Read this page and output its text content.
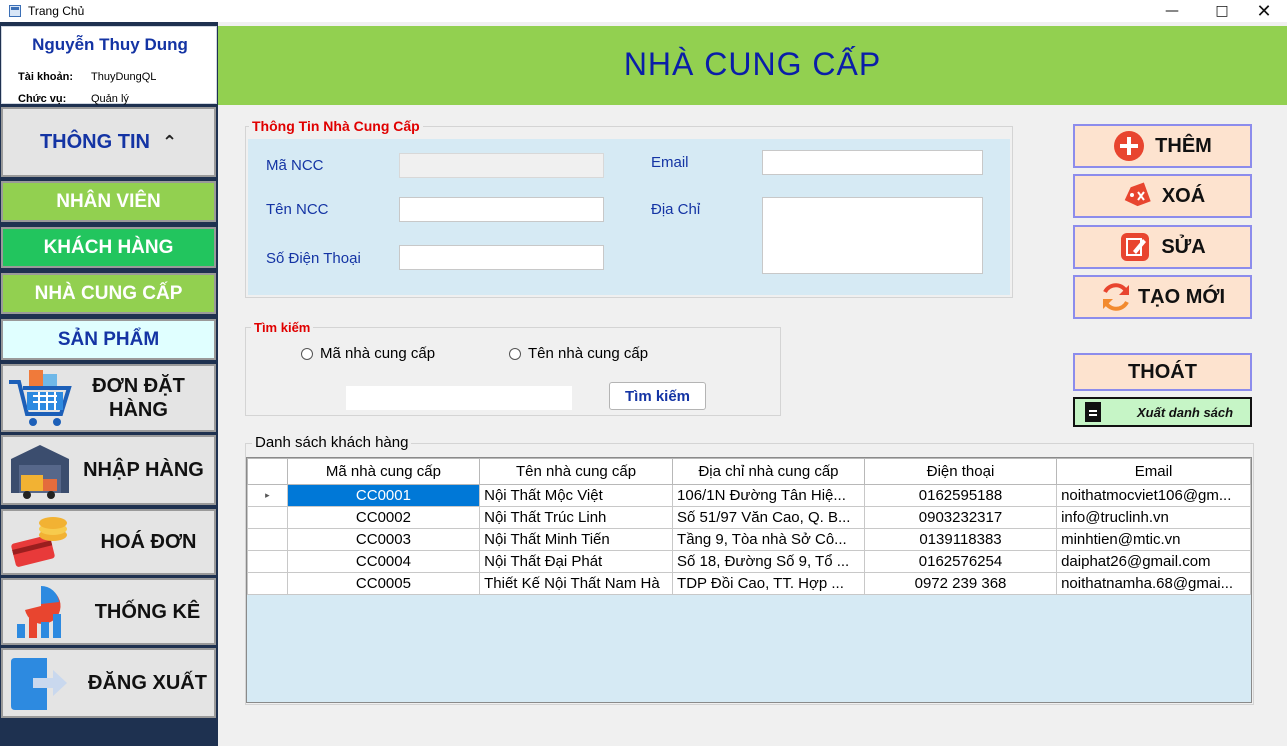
Trang Chủ	—	□	✕
Nguyễn Thuy Dung
Tài khoản: ThuyDungQL
Chức vụ: Quản lý
THÔNG TIN ⌃
NHÂN VIÊN
KHÁCH HÀNG
NHÀ CUNG CẤP
SẢN PHẨM
ĐƠN ĐẶT HÀNG
NHẬP HÀNG
HOÁ ĐƠN
THỐNG KÊ
ĐĂNG XUẤT
NHÀ CUNG CẤP
Mã NCC
Tên NCC
Số Điện Thoại
Email
Địa Chỉ
Thông Tin Nhà Cung Cấp
Mã nhà cung cấp	Tên nhà cung cấp
Tìm kiếm
Tìm kiếm
THÊM
XOÁ
SỬA
TẠO MỚI
THOÁT
Xuất danh sách
Danh sách khách hàng
	Mã nhà cung cấp	Tên nhà cung cấp	Địa chỉ nhà cung cấp	Điện thoại	Email
▸	CC0001	Nội Thất Mộc Việt	106/1N Đường Tân Hiệ...	0162595188	noithatmocviet106@gm...
	CC0002	Nội Thất Trúc Linh	Số 51/97 Văn Cao, Q. B...	0903232317	info@truclinh.vn
	CC0003	Nội Thất Minh Tiến	Tầng 9, Tòa nhà Sở Cô...	0139118383	minhtien@mtic.vn
	CC0004	Nội Thất Đại Phát	Số 18, Đường Số 9, Tổ ...	0162576254	daiphat26@gmail.com
	CC0005	Thiết Kế Nội Thất Nam Hà	TDP Đồi Cao, TT. Hợp ...	0972 239 368	noithatnamha.68@gmai...
